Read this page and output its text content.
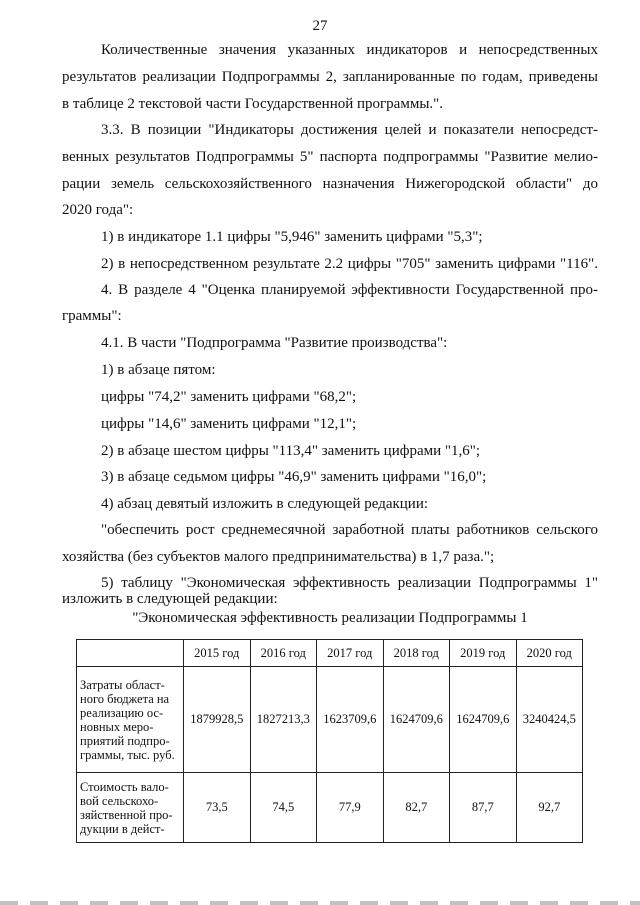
27
Количественные значения указанных индикаторов и непосредственных
результатов реализации Подпрограммы 2, запланированные по годам, приведены
в таблице 2 текстовой части Государственной программы.".
3.3. В позиции "Индикаторы достижения целей и показатели непосредст-
венных результатов Подпрограммы 5" паспорта подпрограммы "Развитие мелио-
рации земель сельскохозяйственного назначения Нижегородской области" до
2020 года":
1) в индикаторе 1.1 цифры "5,946" заменить цифрами "5,3";
2) в непосредственном результате 2.2 цифры "705" заменить цифрами "116".
4. В разделе 4 "Оценка планируемой эффективности Государственной про-
граммы":
4.1. В части "Подпрограмма "Развитие производства":
1) в абзаце пятом:
цифры "74,2" заменить цифрами "68,2";
цифры "14,6" заменить цифрами "12,1";
2) в абзаце шестом цифры "113,4" заменить цифрами "1,6";
3) в абзаце седьмом цифры "46,9" заменить цифрами "16,0";
4) абзац девятый изложить в следующей редакции:
"обеспечить рост среднемесячной заработной платы работников сельского
хозяйства (без субъектов малого предпринимательства) в 1,7 раза.";
5) таблицу "Экономическая эффективность реализации Подпрограммы 1"
изложить в следующей редакции:
"Экономическая эффективность реализации Подпрограммы 1
	2015 год	2016 год	2017 год	2018 год	2019 год	2020 год
Затраты област-ного бюджета на реализацию ос-новных меро-приятий подпро-граммы, тыс. руб.	1879928,5	1827213,3	1623709,6	1624709,6	1624709,6	3240424,5
Стоимость вало-вой сельскохо-зяйственной про-дукции в дейст-	73,5	74,5	77,9	82,7	87,7	92,7
